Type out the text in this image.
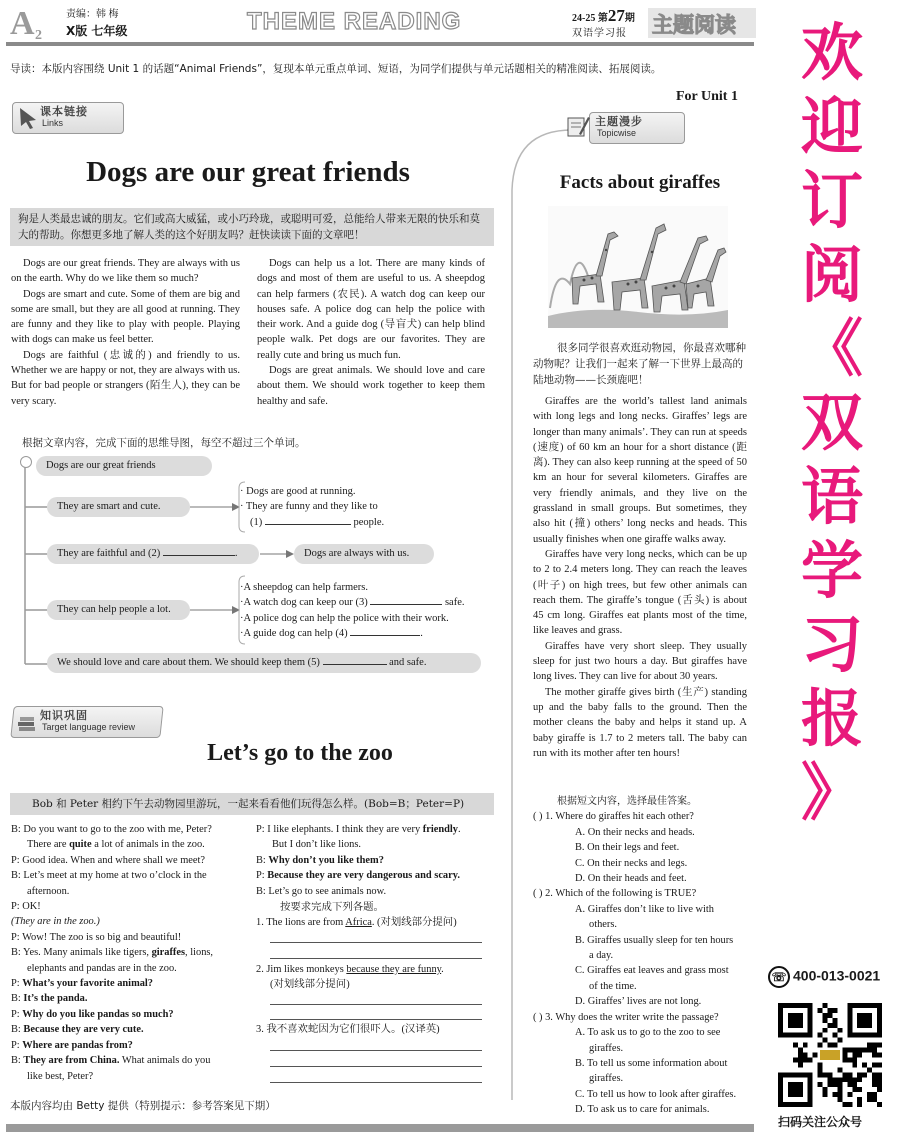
A 2
责编：韩 梅
X版 七年级	THEME READING	24-25 第27期
双语学习报 主题阅读
导读：本版内容围绕 Unit 1 的话题“Animal Friends”，复现本单元重点单词、短语，为同学们提供与单元话题相关的精准阅读、拓展阅读。
For Unit 1
课本链接
Links
Dogs are our great friends
狗是人类最忠诚的朋友。它们或高大威猛，或小巧玲珑，或聪明可爱，总能给人带来无限的快乐和莫大的帮助。你想更多地了解人类的这个好朋友吗？赶快读读下面的文章吧！

Dogs are our great friends. They are always with us on the earth. Why do we like them so much?

Dogs are smart and cute. Some of them are big and some are small, but they are all good at running. They are funny and they like to play with people. Playing with dogs can make us feel better.

Dogs are faithful (忠诚的) and friendly to us. Whether we are happy or not, they are always with us. But for bad people or strangers (陌生人), they can be very scary.

Dogs can help us a lot. There are many kinds of dogs and most of them are useful to us. A sheepdog can help farmers (农民). A watch dog can keep our houses safe. A police dog can help the police with their work. And a guide dog (导盲犬) can help blind people walk. Pet dogs are our favorites. They are really cute and bring us much fun.

Dogs are great animals. We should love and care about them. We should work together to keep them healthy and safe.

根据文章内容，完成下面的思维导图，每空不超过三个单词。
Dogs are our great friends
They are smart and cute.
· Dogs are good at running.
· They are funny and they like to
(1)	people.
They are faithful and (2)	.	Dogs are always with us.
They can help people a lot.
·A sheepdog can help farmers.
·A watch dog can keep our (3)	safe.
·A police dog can help the police with their work.
·A guide dog can help (4)	.
We should love and care about them. We should keep them (5)	and safe.
知识巩固
Target language review
Let’s go to the zoo
Bob 和 Peter 相约下午去动物园里游玩，一起来看看他们玩得怎么样。(Bob=B；Peter=P)
B: Do you want to go to the zoo with me, Peter?
There are quite a lot of animals in the zoo.
P: Good idea. When and where shall we meet?
B: Let’s meet at my home at two o’clock in the
afternoon.
P: OK!
(They are in the zoo.)
P: Wow! The zoo is so big and beautiful!
B: Yes. Many animals like tigers, giraffes, lions,
elephants and pandas are in the zoo.
P: What’s your favorite animal?
B: It’s the panda.
P: Why do you like pandas so much?
B: Because they are very cute.
P: Where are pandas from?
B: They are from China. What animals do you
like best, Peter?
P: I like elephants. I think they are very friendly.
But I don’t like lions.
B: Why don’t you like them?
P: Because they are very dangerous and scary.
B: Let’s go to see animals now.
按要求完成下列各题。
1. The lions are from Africa. (对划线部分提问)
2. Jim likes monkeys because they are funny.
(对划线部分提问)
3. 我不喜欢蛇因为它们很吓人。(汉译英)
主题漫步
Topicwise
Facts about giraffes
很多同学很喜欢逛动物园，你最喜欢哪种动物呢？让我们一起来了解一下世界上最高的陆地动物——长颈鹿吧！

Giraffes are the world’s tallest land animals with long legs and long necks. Giraffes’ legs are longer than many animals’. They can run at speeds (速度) of 60 km an hour for a short distance (距离). They can also keep running at the speed of 50 km an hour for several kilometers. Giraffes are very friendly animals, and they live on the grassland in small groups. But sometimes, they also hit (撞) others’ long necks and heads. This usually finishes when one giraffe walks away.

Giraffes have very long necks, which can be up to 2 to 2.4 meters long. They can reach the leaves (叶子) on high trees, but few other animals can reach them. The giraffe’s tongue (舌头) is about 45 cm long. Giraffes eat plants most of the time, like leaves and grass.

Giraffes have very short sleep. They usually sleep for just two hours a day. But giraffes have long lives. They can live for about 30 years.

The mother giraffe gives birth (生产) standing up and the baby falls to the ground. Then the mother cleans the baby and helps it stand up. A baby giraffe is 1.7 to 2 meters tall. The baby can run with its mother after ten hours!

根据短文内容，选择最佳答案。
( ) 1. Where do giraffes hit each other?
A. On their necks and heads.
B. On their legs and feet.
C. On their necks and legs.
D. On their heads and feet.
( ) 2. Which of the following is TRUE?
A. Giraffes don’t like to live with
others.
B. Giraffes usually sleep for ten hours
a day.
C. Giraffes eat leaves and grass most
of the time.
D. Giraffes’ lives are not long.
( ) 3. Why does the writer write the passage?
A. To ask us to go to the zoo to see
giraffes.
B. To tell us some information about
giraffes.
C. To tell us how to look after giraffes.
D. To ask us to care for animals.
本版内容均由 Betty 提供（特别提示：参考答案见下期）
欢
迎
订
阅
《
双
语
学
习
报
》
☏ 400-013-0021
扫码关注公众号
